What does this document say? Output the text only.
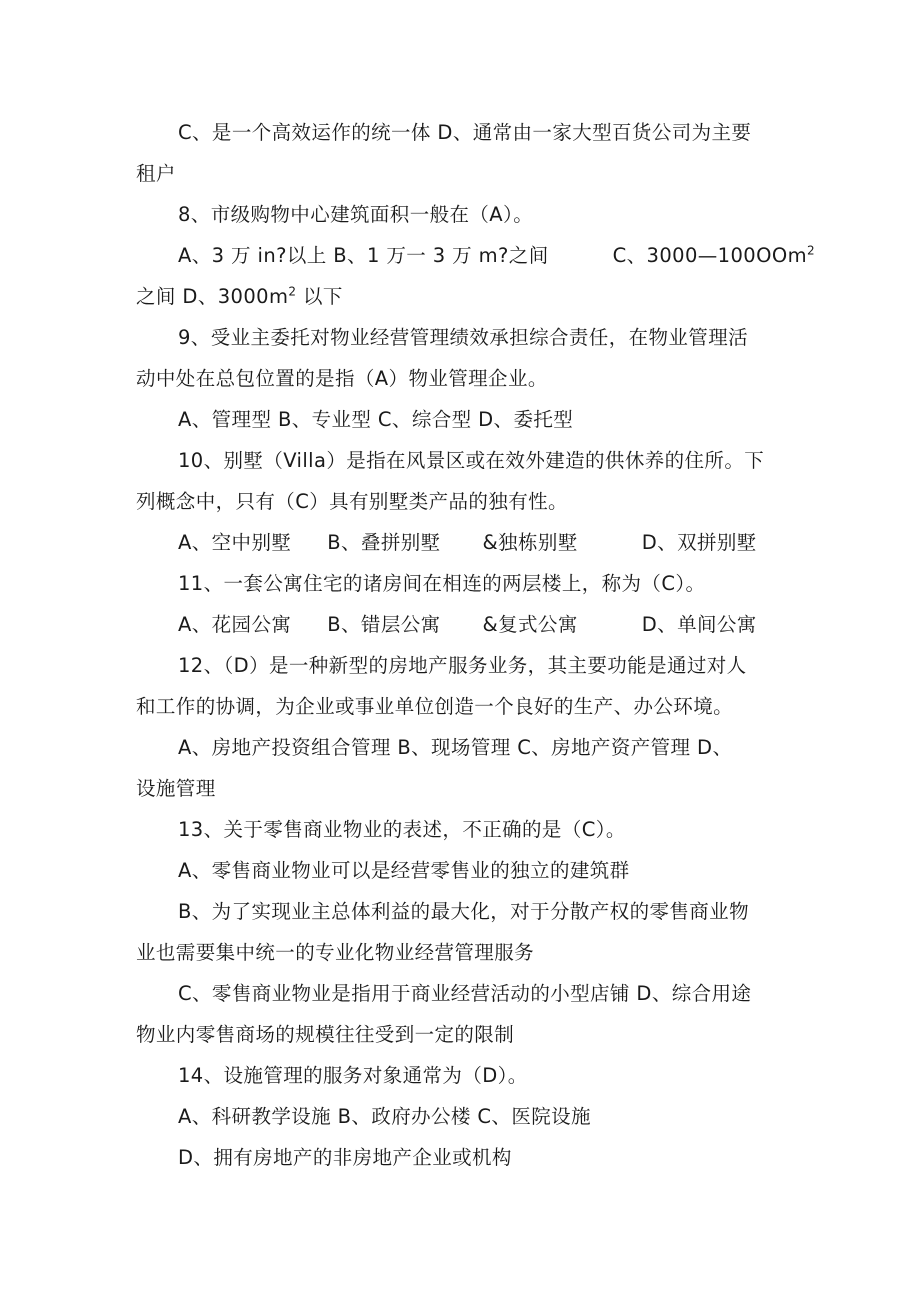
C、是一个高效运作的统一体 D、通常由一家大型百货公司为主要
租户
8、市级购物中心建筑面积一般在（A）。
A、3 万 in?以上 B、1 万一 3 万 m?之间	C、3000—100OOm$^2$
之间 D、$3000m^2$ 以下
9、受业主委托对物业经营管理绩效承担综合责任，在物业管理活
动中处在总包位置的是指（A）物业管理企业。
A、管理型 B、专业型 C、综合型 D、委托型
10、别墅（Villa）是指在风景区或在效外建造的供休养的住所。下
列概念中，只有（C）具有别墅类产品的独有性。
A、空中别墅 B、叠拼别墅 &独栋别墅	D、双拼别墅
11、一套公寓住宅的诸房间在相连的两层楼上，称为（C）。
A、花园公寓 B、错层公寓 &复式公寓	D、单间公寓
12、（D）是一种新型的房地产服务业务，其主要功能是通过对人
和工作的协调，为企业或事业单位创造一个良好的生产、办公环境。
A、房地产投资组合管理 B、现场管理 C、房地产资产管理 D、
设施管理
13、关于零售商业物业的表述，不正确的是（C）。
A、零售商业物业可以是经营零售业的独立的建筑群
B、为了实现业主总体利益的最大化，对于分散产权的零售商业物
业也需要集中统一的专业化物业经营管理服务
C、零售商业物业是指用于商业经营活动的小型店铺 D、综合用途
物业内零售商场的规模往往受到一定的限制
14、设施管理的服务对象通常为（D）。
A、科研教学设施 B、政府办公楼 C、医院设施
D、拥有房地产的非房地产企业或机构
